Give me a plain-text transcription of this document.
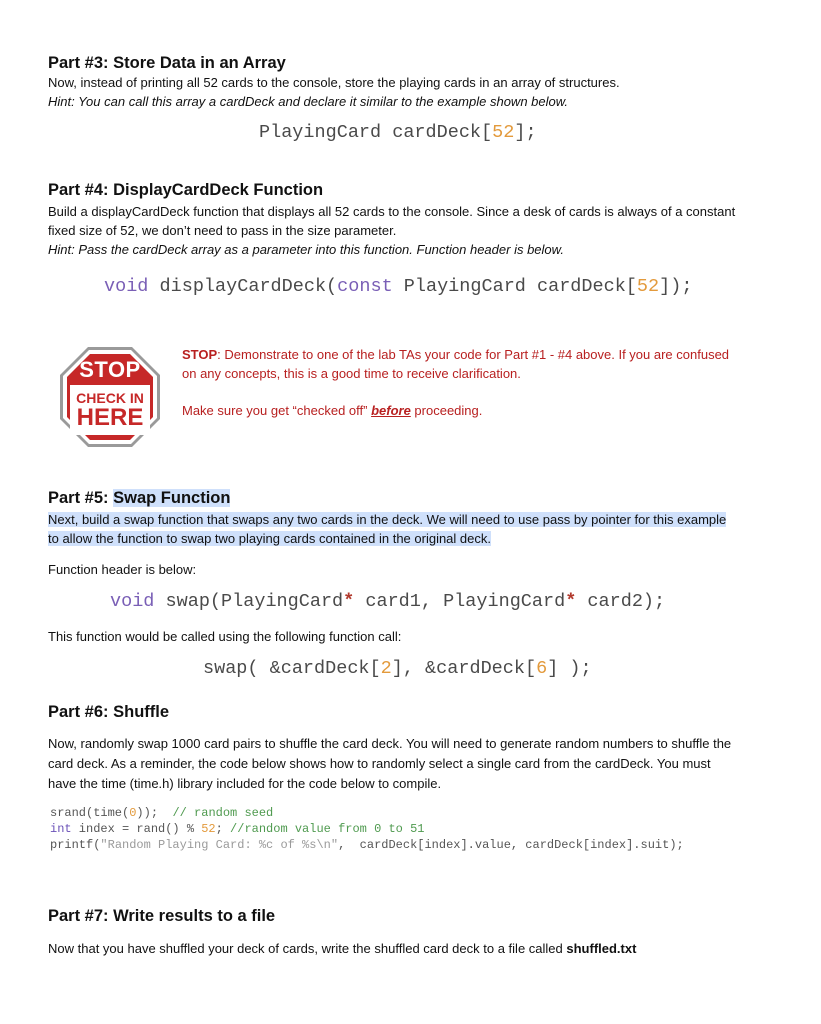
Part #3: Store Data in an Array
Now, instead of printing all 52 cards to the console, store the playing cards in an array of structures.
Hint: You can call this array a cardDeck and declare it similar to the example shown below.
PlayingCard cardDeck[52];
Part #4: DisplayCardDeck Function
Build a displayCardDeck function that displays all 52 cards to the console. Since a desk of cards is always of a constant
fixed size of 52, we don’t need to pass in the size parameter.
Hint: Pass the cardDeck array as a parameter into this function. Function header is below.
void displayCardDeck(const PlayingCard cardDeck[52]);
STOP
CHECK IN
HERE
STOP: Demonstrate to one of the lab TAs your code for Part #1 - #4 above. If you are confused
on any concepts, this is a good time to receive clarification.
Make sure you get “checked off” before proceeding.
Part #5: Swap Function
Next, build a swap function that swaps any two cards in the deck. We will need to use pass by pointer for this example
to allow the function to swap two playing cards contained in the original deck.
Function header is below:
void swap(PlayingCard* card1, PlayingCard* card2);
This function would be called using the following function call:
swap( &cardDeck[2], &cardDeck[6] );
Part #6: Shuffle
Now, randomly swap 1000 card pairs to shuffle the card deck. You will need to generate random numbers to shuffle the
card deck. As a reminder, the code below shows how to randomly select a single card from the cardDeck. You must
have the time (time.h) library included for the code below to compile.
srand(time(0));  // random seed
int index = rand() % 52; //random value from 0 to 51
printf("Random Playing Card: %c of %s\n",  cardDeck[index].value, cardDeck[index].suit);
Part #7: Write results to a file
Now that you have shuffled your deck of cards, write the shuffled card deck to a file called shuffled.txt
